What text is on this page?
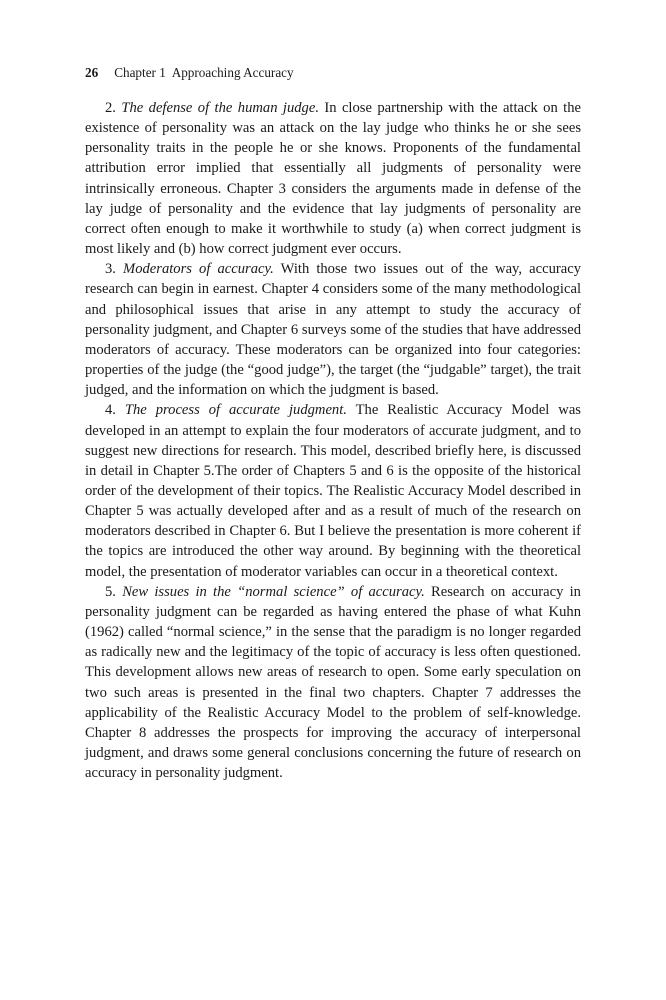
26 Chapter 1  Approaching Accuracy

2. The defense of the human judge. In close partnership with the attack on the existence of personality was an attack on the lay judge who thinks he or she sees personality traits in the people he or she knows. Proponents of the fundamental attribution error implied that essentially all judgments of personality were intrinsically erroneous. Chapter 3 considers the arguments made in defense of the lay judge of personality and the evidence that lay judgments of personality are correct often enough to make it worthwhile to study (a) when correct judgment is most likely and (b) how correct judgment ever occurs.

3. Moderators of accuracy. With those two issues out of the way, accuracy research can begin in earnest. Chapter 4 considers some of the many methodological and philosophical issues that arise in any attempt to study the accuracy of personality judgment, and Chapter 6 surveys some of the studies that have addressed moderators of accuracy. These moderators can be organized into four categories: properties of the judge (the “good judge”), the target (the “judgable” target), the trait judged, and the information on which the judgment is based.

4. The process of accurate judgment. The Realistic Accuracy Model was developed in an attempt to explain the four moderators of accurate judgment, and to suggest new directions for research. This model, described briefly here, is discussed in detail in Chapter 5.The order of Chapters 5 and 6 is the opposite of the historical order of the development of their topics. The Realistic Accuracy Model described in Chapter 5 was actually developed after and as a result of much of the research on moderators described in Chapter 6. But I believe the presentation is more coherent if the topics are introduced the other way around. By beginning with the theoretical model, the presentation of moderator variables can occur in a theoretical context.

5. New issues in the “normal science” of accuracy. Research on accuracy in personality judgment can be regarded as having entered the phase of what Kuhn (1962) called “normal science,” in the sense that the paradigm is no longer regarded as radically new and the legitimacy of the topic of accuracy is less often questioned. This development allows new areas of research to open. Some early speculation on two such areas is presented in the final two chapters. Chapter 7 addresses the applicability of the Realistic Accuracy Model to the problem of self-knowledge. Chapter 8 addresses the prospects for improving the accuracy of interpersonal judgment, and draws some general conclusions concerning the future of research on accuracy in personality judgment.
